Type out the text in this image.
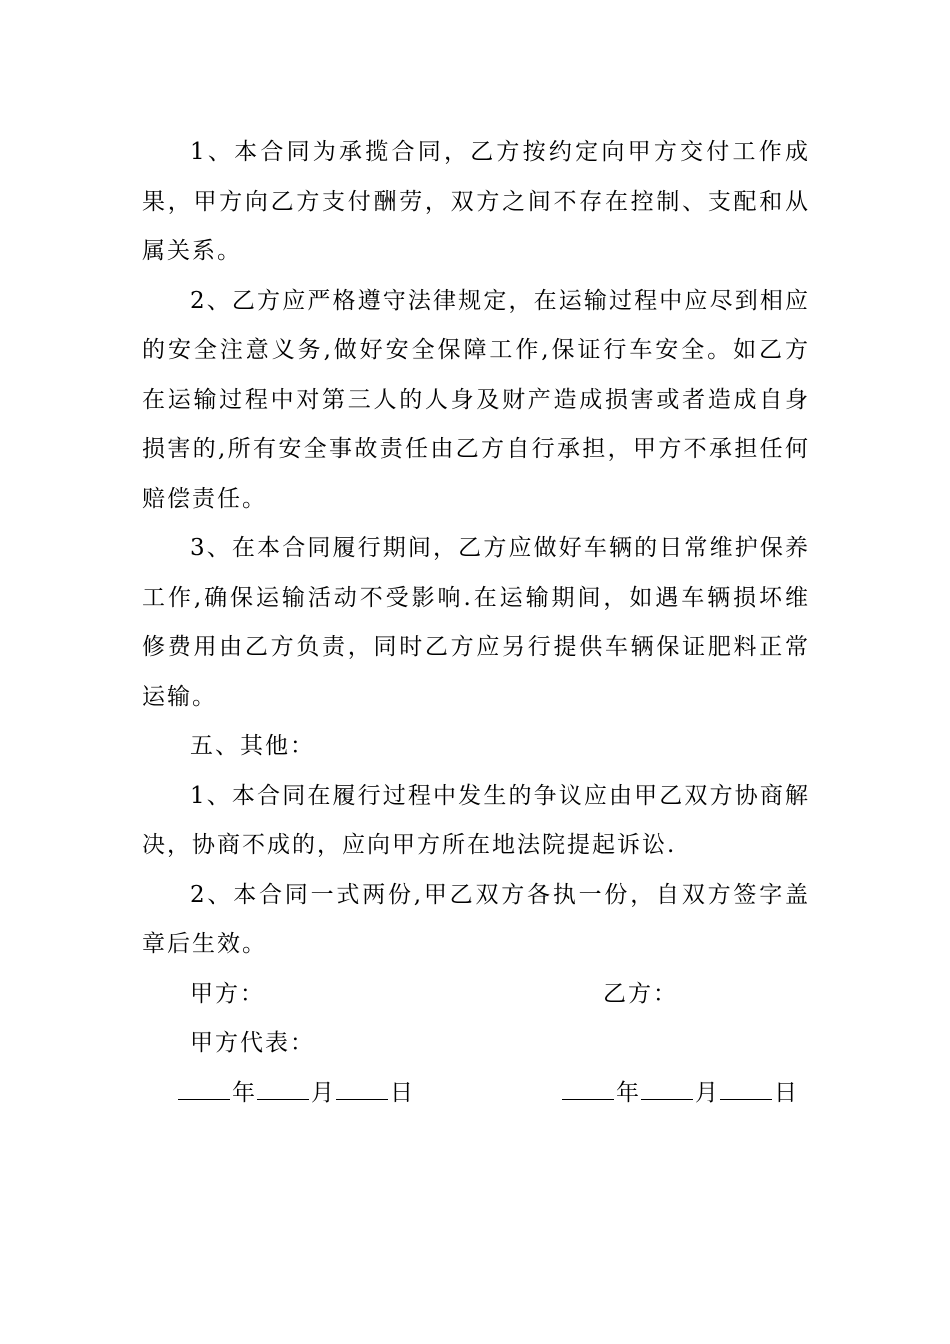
1、本合同为承揽合同，乙方按约定向甲方交付工作成果，甲方向乙方支付酬劳，双方之间不存在控制、支配和从属关系。

2、乙方应严格遵守法律规定，在运输过程中应尽到相应的安全注意义务,做好安全保障工作,保证行车安全。如乙方在运输过程中对第三人的人身及财产造成损害或者造成自身损害的,所有安全事故责任由乙方自行承担，甲方不承担任何赔偿责任。

3、在本合同履行期间，乙方应做好车辆的日常维护保养工作,确保运输活动不受影响.在运输期间，如遇车辆损坏维修费用由乙方负责，同时乙方应另行提供车辆保证肥料正常运输。

五、其他：

1、本合同在履行过程中发生的争议应由甲乙双方协商解决，协商不成的，应向甲方所在地法院提起诉讼.

2、本合同一式两份,甲乙双方各执一份，自双方签字盖章后生效。

甲方：	乙方：
甲方代表：
年 月 日	年 月 日
